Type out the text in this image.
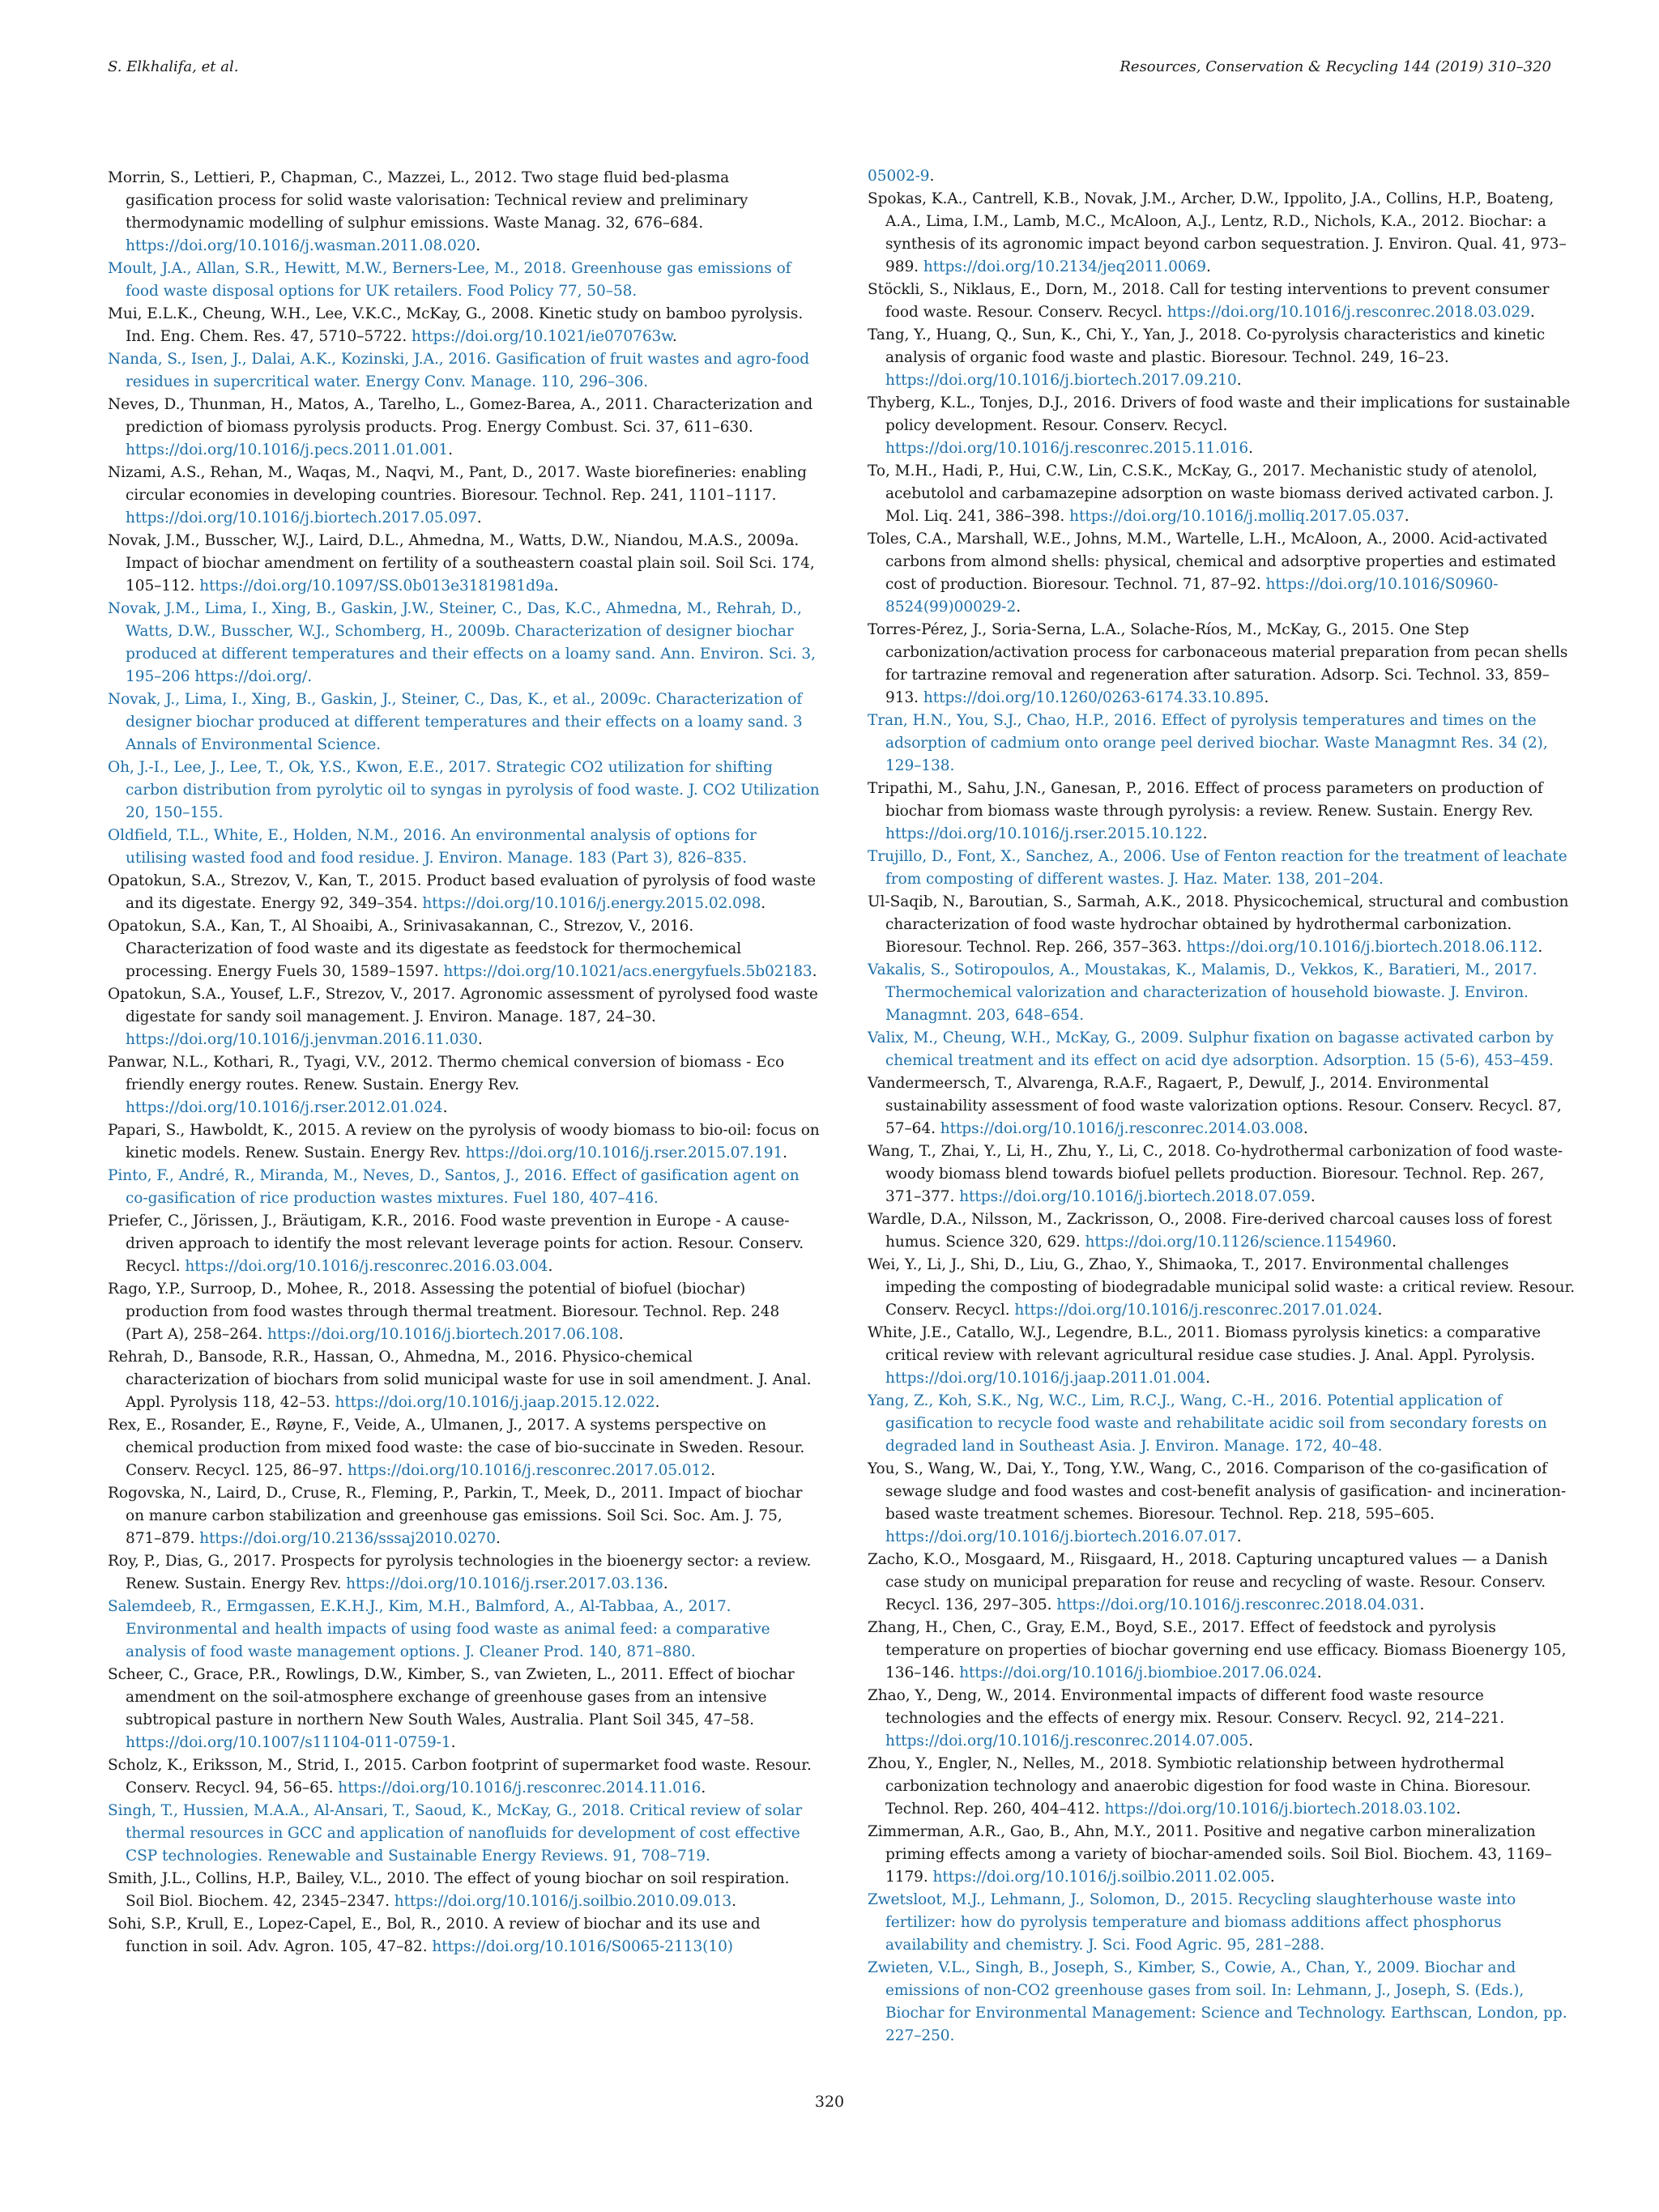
S. Elkhalifa, et al.	Resources, Conservation & Recycling 144 (2019) 310–320

Morrin, S., Lettieri, P., Chapman, C., Mazzei, L., 2012. Two stage fluid bed-plasma gasification process for solid waste valorisation: Technical review and preliminary thermodynamic modelling of sulphur emissions. Waste Manag. 32, 676–684. https://doi.org/10.1016/j.wasman.2011.08.020.

Moult, J.A., Allan, S.R., Hewitt, M.W., Berners-Lee, M., 2018. Greenhouse gas emissions of food waste disposal options for UK retailers. Food Policy 77, 50–58.

Mui, E.L.K., Cheung, W.H., Lee, V.K.C., McKay, G., 2008. Kinetic study on bamboo pyrolysis. Ind. Eng. Chem. Res. 47, 5710–5722. https://doi.org/10.1021/ie070763w.

Nanda, S., Isen, J., Dalai, A.K., Kozinski, J.A., 2016. Gasification of fruit wastes and agro-food residues in supercritical water. Energy Conv. Manage. 110, 296–306.

Neves, D., Thunman, H., Matos, A., Tarelho, L., Gomez-Barea, A., 2011. Characterization and prediction of biomass pyrolysis products. Prog. Energy Combust. Sci. 37, 611–630. https://doi.org/10.1016/j.pecs.2011.01.001.

Nizami, A.S., Rehan, M., Waqas, M., Naqvi, M., Pant, D., 2017. Waste biorefineries: enabling circular economies in developing countries. Bioresour. Technol. Rep. 241, 1101–1117. https://doi.org/10.1016/j.biortech.2017.05.097.

Novak, J.M., Busscher, W.J., Laird, D.L., Ahmedna, M., Watts, D.W., Niandou, M.A.S., 2009a. Impact of biochar amendment on fertility of a southeastern coastal plain soil. Soil Sci. 174, 105–112. https://doi.org/10.1097/SS.0b013e3181981d9a.

Novak, J.M., Lima, I., Xing, B., Gaskin, J.W., Steiner, C., Das, K.C., Ahmedna, M., Rehrah, D., Watts, D.W., Busscher, W.J., Schomberg, H., 2009b. Characterization of designer biochar produced at different temperatures and their effects on a loamy sand. Ann. Environ. Sci. 3, 195–206 https://doi.org/.

Novak, J., Lima, I., Xing, B., Gaskin, J., Steiner, C., Das, K., et al., 2009c. Characterization of designer biochar produced at different temperatures and their effects on a loamy sand. 3 Annals of Environmental Science.

Oh, J.-I., Lee, J., Lee, T., Ok, Y.S., Kwon, E.E., 2017. Strategic CO2 utilization for shifting carbon distribution from pyrolytic oil to syngas in pyrolysis of food waste. J. CO2 Utilization 20, 150–155.

Oldfield, T.L., White, E., Holden, N.M., 2016. An environmental analysis of options for utilising wasted food and food residue. J. Environ. Manage. 183 (Part 3), 826–835.

Opatokun, S.A., Strezov, V., Kan, T., 2015. Product based evaluation of pyrolysis of food waste and its digestate. Energy 92, 349–354. https://doi.org/10.1016/j.energy.2015.02.098.

Opatokun, S.A., Kan, T., Al Shoaibi, A., Srinivasakannan, C., Strezov, V., 2016. Characterization of food waste and its digestate as feedstock for thermochemical processing. Energy Fuels 30, 1589–1597. https://doi.org/10.1021/acs.energyfuels.5b02183.

Opatokun, S.A., Yousef, L.F., Strezov, V., 2017. Agronomic assessment of pyrolysed food waste digestate for sandy soil management. J. Environ. Manage. 187, 24–30. https://doi.org/10.1016/j.jenvman.2016.11.030.

Panwar, N.L., Kothari, R., Tyagi, V.V., 2012. Thermo chemical conversion of biomass - Eco friendly energy routes. Renew. Sustain. Energy Rev. https://doi.org/10.1016/j.rser.2012.01.024.

Papari, S., Hawboldt, K., 2015. A review on the pyrolysis of woody biomass to bio-oil: focus on kinetic models. Renew. Sustain. Energy Rev. https://doi.org/10.1016/j.rser.2015.07.191.

Pinto, F., André, R., Miranda, M., Neves, D., Santos, J., 2016. Effect of gasification agent on co-gasification of rice production wastes mixtures. Fuel 180, 407–416.

Priefer, C., Jörissen, J., Bräutigam, K.R., 2016. Food waste prevention in Europe - A cause-driven approach to identify the most relevant leverage points for action. Resour. Conserv. Recycl. https://doi.org/10.1016/j.resconrec.2016.03.004.

Rago, Y.P., Surroop, D., Mohee, R., 2018. Assessing the potential of biofuel (biochar) production from food wastes through thermal treatment. Bioresour. Technol. Rep. 248 (Part A), 258–264. https://doi.org/10.1016/j.biortech.2017.06.108.

Rehrah, D., Bansode, R.R., Hassan, O., Ahmedna, M., 2016. Physico-chemical characterization of biochars from solid municipal waste for use in soil amendment. J. Anal. Appl. Pyrolysis 118, 42–53. https://doi.org/10.1016/j.jaap.2015.12.022.

Rex, E., Rosander, E., Røyne, F., Veide, A., Ulmanen, J., 2017. A systems perspective on chemical production from mixed food waste: the case of bio-succinate in Sweden. Resour. Conserv. Recycl. 125, 86–97. https://doi.org/10.1016/j.resconrec.2017.05.012.

Rogovska, N., Laird, D., Cruse, R., Fleming, P., Parkin, T., Meek, D., 2011. Impact of biochar on manure carbon stabilization and greenhouse gas emissions. Soil Sci. Soc. Am. J. 75, 871–879. https://doi.org/10.2136/sssaj2010.0270.

Roy, P., Dias, G., 2017. Prospects for pyrolysis technologies in the bioenergy sector: a review. Renew. Sustain. Energy Rev. https://doi.org/10.1016/j.rser.2017.03.136.

Salemdeeb, R., Ermgassen, E.K.H.J., Kim, M.H., Balmford, A., Al-Tabbaa, A., 2017. Environmental and health impacts of using food waste as animal feed: a comparative analysis of food waste management options. J. Cleaner Prod. 140, 871–880.

Scheer, C., Grace, P.R., Rowlings, D.W., Kimber, S., van Zwieten, L., 2011. Effect of biochar amendment on the soil-atmosphere exchange of greenhouse gases from an intensive subtropical pasture in northern New South Wales, Australia. Plant Soil 345, 47–58. https://doi.org/10.1007/s11104-011-0759-1.

Scholz, K., Eriksson, M., Strid, I., 2015. Carbon footprint of supermarket food waste. Resour. Conserv. Recycl. 94, 56–65. https://doi.org/10.1016/j.resconrec.2014.11.016.

Singh, T., Hussien, M.A.A., Al-Ansari, T., Saoud, K., McKay, G., 2018. Critical review of solar thermal resources in GCC and application of nanofluids for development of cost effective CSP technologies. Renewable and Sustainable Energy Reviews. 91, 708–719.

Smith, J.L., Collins, H.P., Bailey, V.L., 2010. The effect of young biochar on soil respiration. Soil Biol. Biochem. 42, 2345–2347. https://doi.org/10.1016/j.soilbio.2010.09.013.

Sohi, S.P., Krull, E., Lopez-Capel, E., Bol, R., 2010. A review of biochar and its use and function in soil. Adv. Agron. 105, 47–82. https://doi.org/10.1016/S0065-2113(10)

05002-9.

Spokas, K.A., Cantrell, K.B., Novak, J.M., Archer, D.W., Ippolito, J.A., Collins, H.P., Boateng, A.A., Lima, I.M., Lamb, M.C., McAloon, A.J., Lentz, R.D., Nichols, K.A., 2012. Biochar: a synthesis of its agronomic impact beyond carbon sequestration. J. Environ. Qual. 41, 973–989. https://doi.org/10.2134/jeq2011.0069.

Stöckli, S., Niklaus, E., Dorn, M., 2018. Call for testing interventions to prevent consumer food waste. Resour. Conserv. Recycl. https://doi.org/10.1016/j.resconrec.2018.03.029.

Tang, Y., Huang, Q., Sun, K., Chi, Y., Yan, J., 2018. Co-pyrolysis characteristics and kinetic analysis of organic food waste and plastic. Bioresour. Technol. 249, 16–23. https://doi.org/10.1016/j.biortech.2017.09.210.

Thyberg, K.L., Tonjes, D.J., 2016. Drivers of food waste and their implications for sustainable policy development. Resour. Conserv. Recycl. https://doi.org/10.1016/j.resconrec.2015.11.016.

To, M.H., Hadi, P., Hui, C.W., Lin, C.S.K., McKay, G., 2017. Mechanistic study of atenolol, acebutolol and carbamazepine adsorption on waste biomass derived activated carbon. J. Mol. Liq. 241, 386–398. https://doi.org/10.1016/j.molliq.2017.05.037.

Toles, C.A., Marshall, W.E., Johns, M.M., Wartelle, L.H., McAloon, A., 2000. Acid-activated carbons from almond shells: physical, chemical and adsorptive properties and estimated cost of production. Bioresour. Technol. 71, 87–92. https://doi.org/10.1016/S0960-8524(99)00029-2.

Torres-Pérez, J., Soria-Serna, L.A., Solache-Ríos, M., McKay, G., 2015. One Step carbonization/activation process for carbonaceous material preparation from pecan shells for tartrazine removal and regeneration after saturation. Adsorp. Sci. Technol. 33, 859–913. https://doi.org/10.1260/0263-6174.33.10.895.

Tran, H.N., You, S.J., Chao, H.P., 2016. Effect of pyrolysis temperatures and times on the adsorption of cadmium onto orange peel derived biochar. Waste Managmnt Res. 34 (2), 129–138.

Tripathi, M., Sahu, J.N., Ganesan, P., 2016. Effect of process parameters on production of biochar from biomass waste through pyrolysis: a review. Renew. Sustain. Energy Rev. https://doi.org/10.1016/j.rser.2015.10.122.

Trujillo, D., Font, X., Sanchez, A., 2006. Use of Fenton reaction for the treatment of leachate from composting of different wastes. J. Haz. Mater. 138, 201–204.

Ul-Saqib, N., Baroutian, S., Sarmah, A.K., 2018. Physicochemical, structural and combustion characterization of food waste hydrochar obtained by hydrothermal carbonization. Bioresour. Technol. Rep. 266, 357–363. https://doi.org/10.1016/j.biortech.2018.06.112.

Vakalis, S., Sotiropoulos, A., Moustakas, K., Malamis, D., Vekkos, K., Baratieri, M., 2017. Thermochemical valorization and characterization of household biowaste. J. Environ. Managmnt. 203, 648–654.

Valix, M., Cheung, W.H., McKay, G., 2009. Sulphur fixation on bagasse activated carbon by chemical treatment and its effect on acid dye adsorption. Adsorption. 15 (5-6), 453–459.

Vandermeersch, T., Alvarenga, R.A.F., Ragaert, P., Dewulf, J., 2014. Environmental sustainability assessment of food waste valorization options. Resour. Conserv. Recycl. 87, 57–64. https://doi.org/10.1016/j.resconrec.2014.03.008.

Wang, T., Zhai, Y., Li, H., Zhu, Y., Li, C., 2018. Co-hydrothermal carbonization of food waste-woody biomass blend towards biofuel pellets production. Bioresour. Technol. Rep. 267, 371–377. https://doi.org/10.1016/j.biortech.2018.07.059.

Wardle, D.A., Nilsson, M., Zackrisson, O., 2008. Fire-derived charcoal causes loss of forest humus. Science 320, 629. https://doi.org/10.1126/science.1154960.

Wei, Y., Li, J., Shi, D., Liu, G., Zhao, Y., Shimaoka, T., 2017. Environmental challenges impeding the composting of biodegradable municipal solid waste: a critical review. Resour. Conserv. Recycl. https://doi.org/10.1016/j.resconrec.2017.01.024.

White, J.E., Catallo, W.J., Legendre, B.L., 2011. Biomass pyrolysis kinetics: a comparative critical review with relevant agricultural residue case studies. J. Anal. Appl. Pyrolysis. https://doi.org/10.1016/j.jaap.2011.01.004.

Yang, Z., Koh, S.K., Ng, W.C., Lim, R.C.J., Wang, C.-H., 2016. Potential application of gasification to recycle food waste and rehabilitate acidic soil from secondary forests on degraded land in Southeast Asia. J. Environ. Manage. 172, 40–48.

You, S., Wang, W., Dai, Y., Tong, Y.W., Wang, C., 2016. Comparison of the co-gasification of sewage sludge and food wastes and cost-benefit analysis of gasification- and incineration-based waste treatment schemes. Bioresour. Technol. Rep. 218, 595–605. https://doi.org/10.1016/j.biortech.2016.07.017.

Zacho, K.O., Mosgaard, M., Riisgaard, H., 2018. Capturing uncaptured values — a Danish case study on municipal preparation for reuse and recycling of waste. Resour. Conserv. Recycl. 136, 297–305. https://doi.org/10.1016/j.resconrec.2018.04.031.

Zhang, H., Chen, C., Gray, E.M., Boyd, S.E., 2017. Effect of feedstock and pyrolysis temperature on properties of biochar governing end use efficacy. Biomass Bioenergy 105, 136–146. https://doi.org/10.1016/j.biombioe.2017.06.024.

Zhao, Y., Deng, W., 2014. Environmental impacts of different food waste resource technologies and the effects of energy mix. Resour. Conserv. Recycl. 92, 214–221. https://doi.org/10.1016/j.resconrec.2014.07.005.

Zhou, Y., Engler, N., Nelles, M., 2018. Symbiotic relationship between hydrothermal carbonization technology and anaerobic digestion for food waste in China. Bioresour. Technol. Rep. 260, 404–412. https://doi.org/10.1016/j.biortech.2018.03.102.

Zimmerman, A.R., Gao, B., Ahn, M.Y., 2011. Positive and negative carbon mineralization priming effects among a variety of biochar-amended soils. Soil Biol. Biochem. 43, 1169–1179. https://doi.org/10.1016/j.soilbio.2011.02.005.

Zwetsloot, M.J., Lehmann, J., Solomon, D., 2015. Recycling slaughterhouse waste into fertilizer: how do pyrolysis temperature and biomass additions affect phosphorus availability and chemistry. J. Sci. Food Agric. 95, 281–288.

Zwieten, V.L., Singh, B., Joseph, S., Kimber, S., Cowie, A., Chan, Y., 2009. Biochar and emissions of non-CO2 greenhouse gases from soil. In: Lehmann, J., Joseph, S. (Eds.), Biochar for Environmental Management: Science and Technology. Earthscan, London, pp. 227–250.

320
